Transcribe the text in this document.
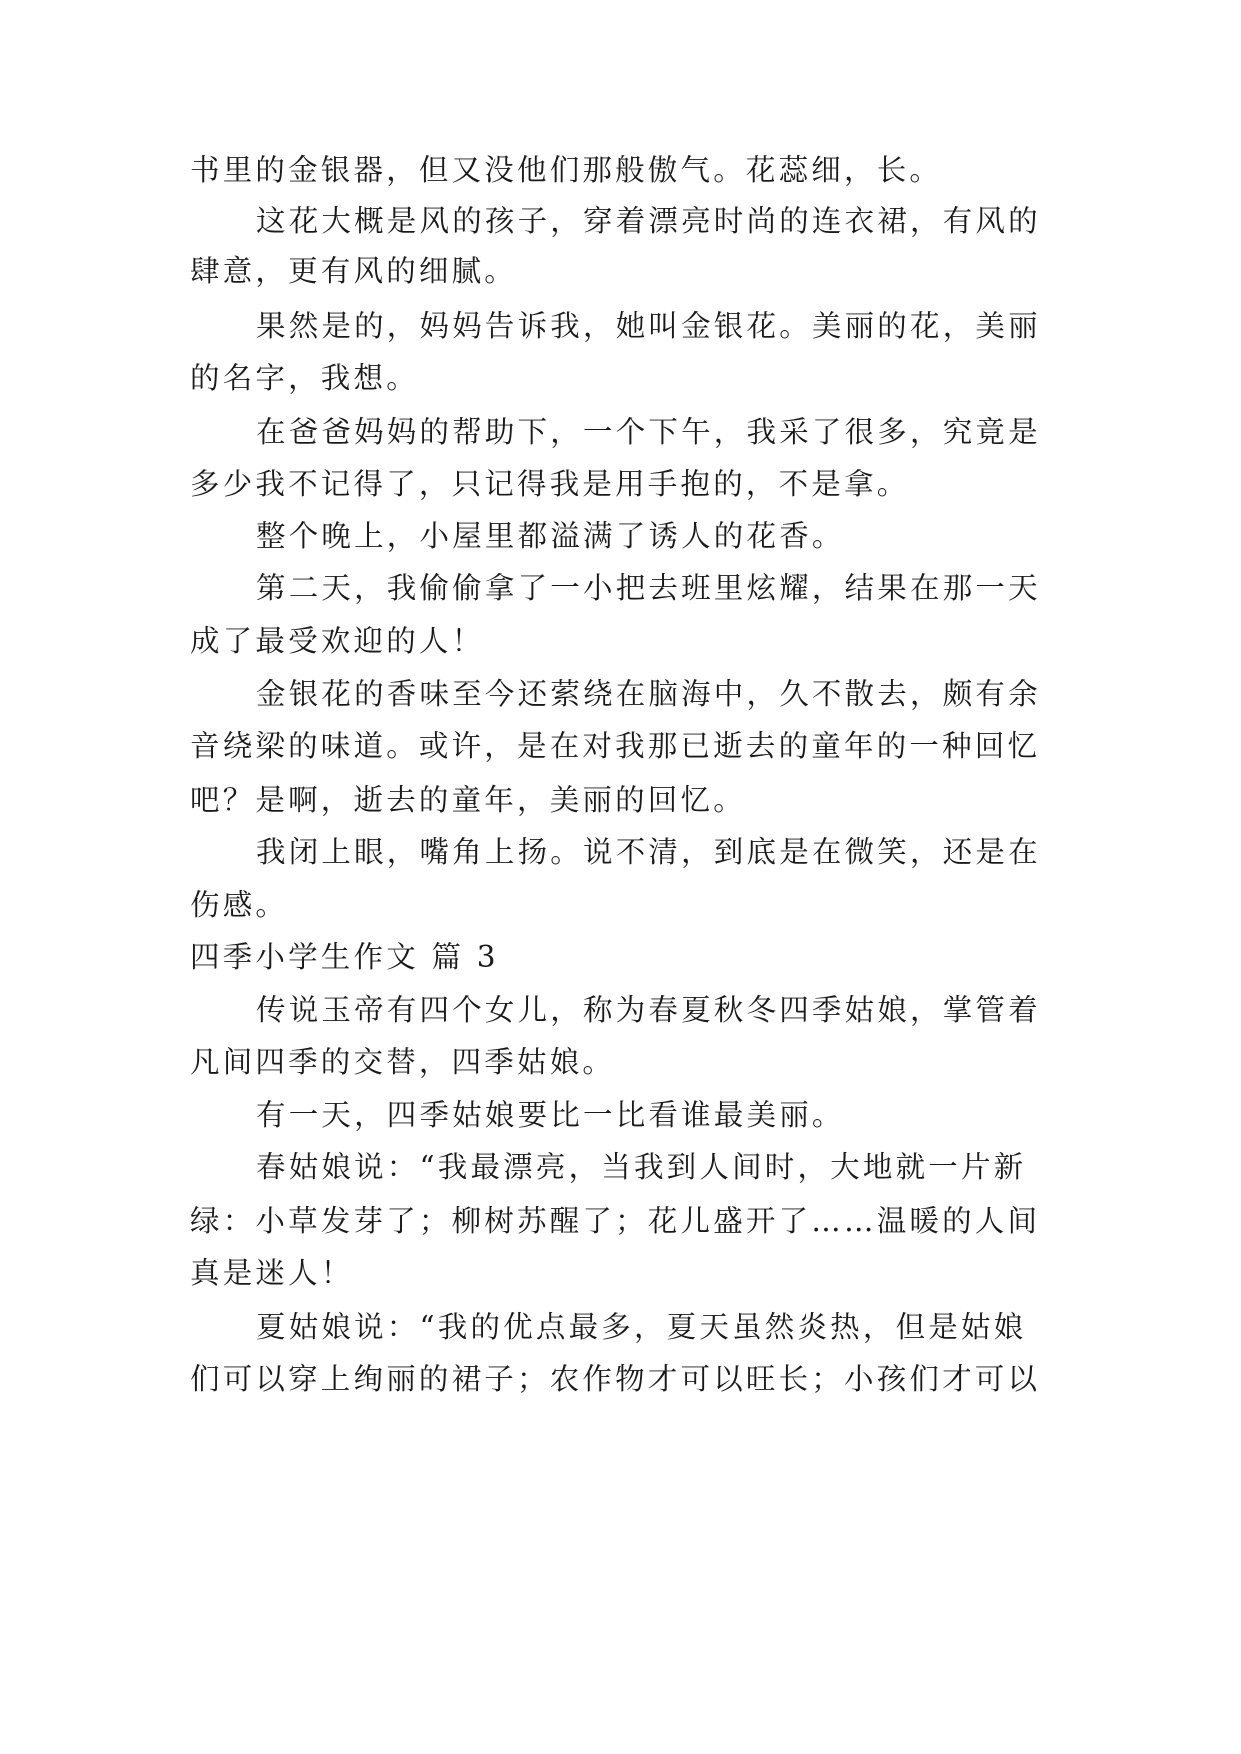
书里的金银器，但又没他们那般傲气。花蕊细，长。
这花大概是风的孩子，穿着漂亮时尚的连衣裙，有风的
肆意，更有风的细腻。
果然是的，妈妈告诉我，她叫金银花。美丽的花，美丽
的名字，我想。
在爸爸妈妈的帮助下，一个下午，我采了很多，究竟是
多少我不记得了，只记得我是用手抱的，不是拿。
整个晚上，小屋里都溢满了诱人的花香。
第二天，我偷偷拿了一小把去班里炫耀，结果在那一天
成了最受欢迎的人！
金银花的香味至今还萦绕在脑海中，久不散去，颇有余
音绕梁的味道。或许，是在对我那已逝去的童年的一种回忆
吧？是啊，逝去的童年，美丽的回忆。
我闭上眼，嘴角上扬。说不清，到底是在微笑，还是在
伤感。
四季小学生作文 篇 3
传说玉帝有四个女儿，称为春夏秋冬四季姑娘，掌管着
凡间四季的交替，四季姑娘。
有一天，四季姑娘要比一比看谁最美丽。
春姑娘说：“我最漂亮，当我到人间时，大地就一片新
绿：小草发芽了；柳树苏醒了；花儿盛开了……温暖的人间
真是迷人！
夏姑娘说：“我的优点最多，夏天虽然炎热，但是姑娘
们可以穿上绚丽的裙子；农作物才可以旺长；小孩们才可以
